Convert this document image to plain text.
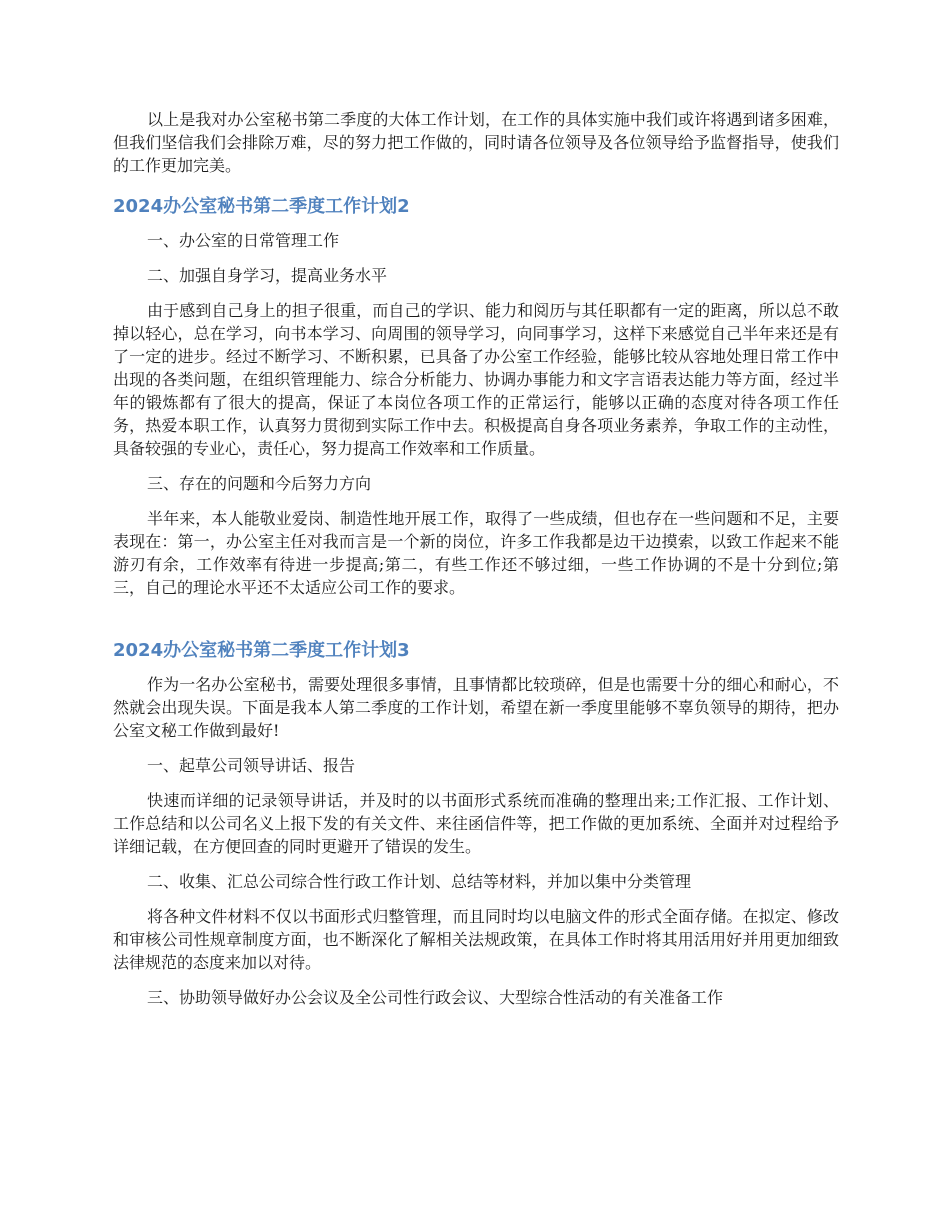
以上是我对办公室秘书第二季度的大体工作计划，在工作的具体实施中我们或许将遇到诸多困难，但我们坚信我们会排除万难，尽的努力把工作做的，同时请各位领导及各位领导给予监督指导，使我们的工作更加完美。

2024办公室秘书第二季度工作计划2

一、办公室的日常管理工作

二、加强自身学习，提高业务水平

由于感到自己身上的担子很重，而自己的学识、能力和阅历与其任职都有一定的距离，所以总不敢掉以轻心，总在学习，向书本学习、向周围的领导学习，向同事学习，这样下来感觉自己半年来还是有了一定的进步。经过不断学习、不断积累，已具备了办公室工作经验，能够比较从容地处理日常工作中出现的各类问题，在组织管理能力、综合分析能力、协调办事能力和文字言语表达能力等方面，经过半年的锻炼都有了很大的提高，保证了本岗位各项工作的正常运行，能够以正确的态度对待各项工作任务，热爱本职工作，认真努力贯彻到实际工作中去。积极提高自身各项业务素养，争取工作的主动性，具备较强的专业心，责任心，努力提高工作效率和工作质量。

三、存在的问题和今后努力方向

半年来，本人能敬业爱岗、制造性地开展工作，取得了一些成绩，但也存在一些问题和不足，主要表现在：第一，办公室主任对我而言是一个新的岗位，许多工作我都是边干边摸索，以致工作起来不能游刃有余，工作效率有待进一步提高;第二，有些工作还不够过细，一些工作协调的不是十分到位;第三，自己的理论水平还不太适应公司工作的要求。

2024办公室秘书第二季度工作计划3

作为一名办公室秘书，需要处理很多事情，且事情都比较琐碎，但是也需要十分的细心和耐心，不然就会出现失误。下面是我本人第二季度的工作计划，希望在新一季度里能够不辜负领导的期待，把办公室文秘工作做到最好!

一、起草公司领导讲话、报告

快速而详细的记录领导讲话，并及时的以书面形式系统而准确的整理出来;工作汇报、工作计划、工作总结和以公司名义上报下发的有关文件、来往函信件等，把工作做的更加系统、全面并对过程给予详细记载，在方便回查的同时更避开了错误的发生。

二、收集、汇总公司综合性行政工作计划、总结等材料，并加以集中分类管理

将各种文件材料不仅以书面形式归整管理，而且同时均以电脑文件的形式全面存储。在拟定、修改和审核公司性规章制度方面，也不断深化了解相关法规政策，在具体工作时将其用活用好并用更加细致法律规范的态度来加以对待。

三、协助领导做好办公会议及全公司性行政会议、大型综合性活动的有关准备工作
